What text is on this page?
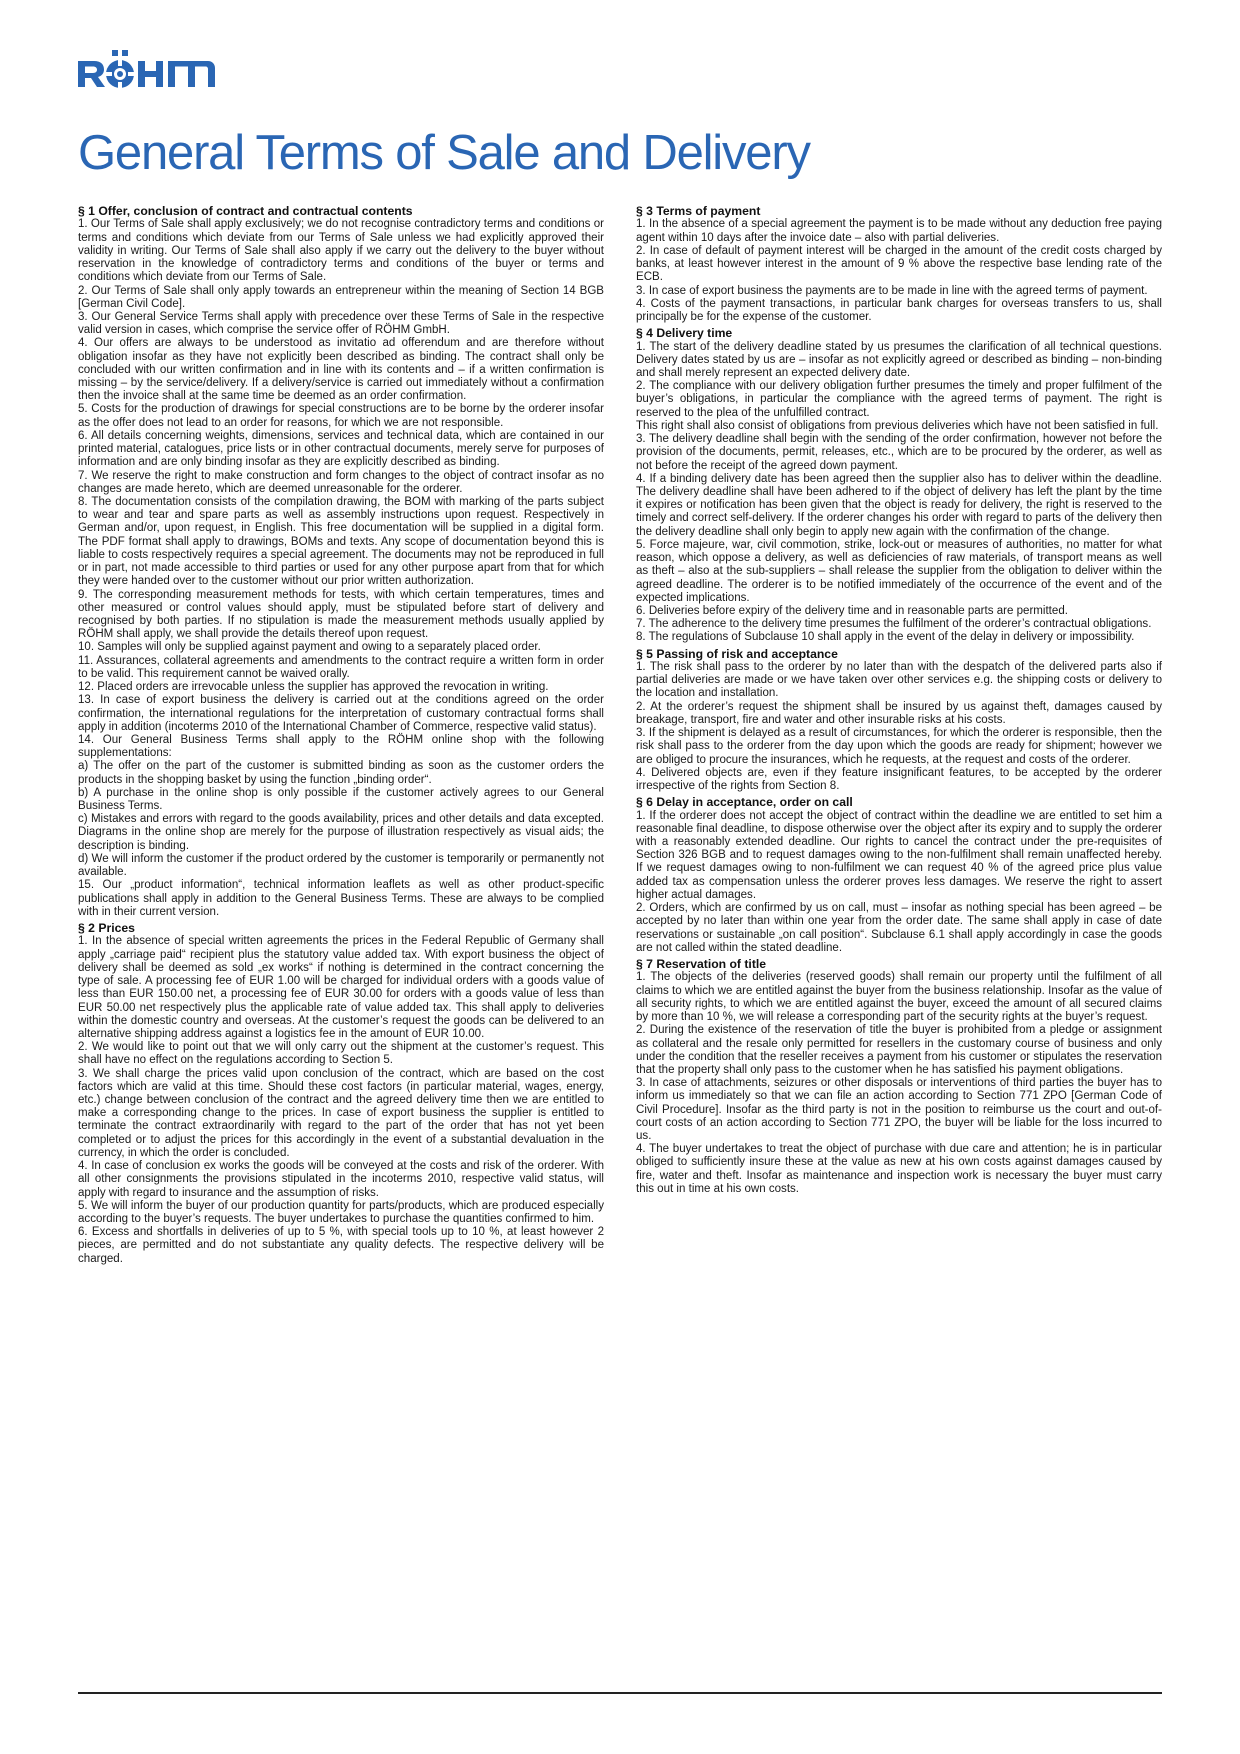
General Terms of Sale and Delivery
§ 1 Offer, conclusion of contract and contractual contents

1. Our Terms of Sale shall apply exclusively; we do not recognise contradictory terms and conditions or terms and conditions which deviate from our Terms of Sale unless we had explicitly approved their validity in writing. Our Terms of Sale shall also apply if we carry out the delivery to the buyer without reservation in the knowledge of contradictory terms and conditions of the buyer or terms and conditions which deviate from our Terms of Sale.

2. Our Terms of Sale shall only apply towards an entrepreneur within the meaning of Section 14 BGB [German Civil Code].

3. Our General Service Terms shall apply with precedence over these Terms of Sale in the respective valid version in cases, which comprise the service offer of RÖHM GmbH.

4. Our offers are always to be understood as invitatio ad offerendum and are therefore without obligation insofar as they have not explicitly been described as binding. The contract shall only be concluded with our written confirmation and in line with its contents and – if a written confirmation is missing – by the service/delivery. If a delivery/service is carried out immediately without a confirmation then the invoice shall at the same time be deemed as an order confirmation.

5. Costs for the production of drawings for special constructions are to be borne by the orderer insofar as the offer does not lead to an order for reasons, for which we are not responsible.

6. All details concerning weights, dimensions, services and technical data, which are contained in our printed material, catalogues, price lists or in other contractual documents, merely serve for purposes of information and are only binding insofar as they are explicitly described as binding.

7. We reserve the right to make construction and form changes to the object of contract insofar as no changes are made hereto, which are deemed unreasonable for the orderer.

8. The documentation consists of the compilation drawing, the BOM with marking of the parts subject to wear and tear and spare parts as well as assembly instructions upon request. Respectively in German and/or, upon request, in English. This free documentation will be supplied in a digital form. The PDF format shall apply to drawings, BOMs and texts. Any scope of documentation beyond this is liable to costs respectively requires a special agreement. The documents may not be reproduced in full or in part, not made accessible to third parties or used for any other purpose apart from that for which they were handed over to the customer without our prior written authorization.

9. The corresponding measurement methods for tests, with which certain temperatures, times and other measured or control values should apply, must be stipulated before start of delivery and recognised by both parties. If no stipulation is made the measurement methods usually applied by RÖHM shall apply, we shall provide the details thereof upon request.

10. Samples will only be supplied against payment and owing to a separately placed order.

11. Assurances, collateral agreements and amendments to the contract require a written form in order to be valid. This requirement cannot be waived orally.

12. Placed orders are irrevocable unless the supplier has approved the revocation in writing.

13. In case of export business the delivery is carried out at the conditions agreed on the order confirmation, the international regulations for the interpretation of customary contractual forms shall apply in addition (incoterms 2010 of the International Chamber of Commerce, respective valid status).

14. Our General Business Terms shall apply to the RÖHM online shop with the following supplementations:

a) The offer on the part of the customer is submitted binding as soon as the customer orders the products in the shopping basket by using the function „binding order“.

b) A purchase in the online shop is only possible if the customer actively agrees to our General Business Terms.

c) Mistakes and errors with regard to the goods availability, prices and other details and data excepted. Diagrams in the online shop are merely for the purpose of illustration respectively as visual aids; the description is binding.

d) We will inform the customer if the product ordered by the customer is temporarily or permanently not available.

15. Our „product information“, technical information leaflets as well as other product-specific publications shall apply in addition to the General Business Terms. These are always to be complied with in their current version.

§ 2 Prices

1. In the absence of special written agreements the prices in the Federal Republic of Germany shall apply „carriage paid“ recipient plus the statutory value added tax. With export business the object of delivery shall be deemed as sold „ex works“ if nothing is determined in the contract concerning the type of sale. A processing fee of EUR 1.00 will be charged for individual orders with a goods value of less than EUR 150.00 net, a processing fee of EUR 30.00 for orders with a goods value of less than EUR 50.00 net respectively plus the applicable rate of value added tax. This shall apply to deliveries within the domestic country and overseas. At the customer’s request the goods can be delivered to an alternative shipping address against a logistics fee in the amount of EUR 10.00.

2. We would like to point out that we will only carry out the shipment at the customer’s request. This shall have no effect on the regulations according to Section 5.

3. We shall charge the prices valid upon conclusion of the contract, which are based on the cost factors which are valid at this time. Should these cost factors (in particular material, wages, energy, etc.) change between conclusion of the contract and the agreed delivery time then we are entitled to make a corresponding change to the prices. In case of export business the supplier is entitled to terminate the contract extraordinarily with regard to the part of the order that has not yet been completed or to adjust the prices for this accordingly in the event of a substantial devaluation in the currency, in which the order is concluded.

4. In case of conclusion ex works the goods will be conveyed at the costs and risk of the orderer. With all other consignments the provisions stipulated in the incoterms 2010, respective valid status, will apply with regard to insurance and the assumption of risks.

5. We will inform the buyer of our production quantity for parts/products, which are produced especially according to the buyer’s requests. The buyer undertakes to purchase the quantities confirmed to him.

6. Excess and shortfalls in deliveries of up to 5 %, with special tools up to 10 %, at least however 2 pieces, are permitted and do not substantiate any quality defects. The respective delivery will be charged.

§ 3 Terms of payment

1. In the absence of a special agreement the payment is to be made without any deduction free paying agent within 10 days after the invoice date – also with partial deliveries.

2. In case of default of payment interest will be charged in the amount of the credit costs charged by banks, at least however interest in the amount of 9 % above the respective base lending rate of the ECB.

3. In case of export business the payments are to be made in line with the agreed terms of payment.

4. Costs of the payment transactions, in particular bank charges for overseas transfers to us, shall principally be for the expense of the customer.

§ 4 Delivery time

1. The start of the delivery deadline stated by us presumes the clarification of all technical questions. Delivery dates stated by us are – insofar as not explicitly agreed or described as binding – non-binding and shall merely represent an expected delivery date.

2. The compliance with our delivery obligation further presumes the timely and proper fulfilment of the buyer’s obligations, in particular the compliance with the agreed terms of payment. The right is reserved to the plea of the unfulfilled contract.

This right shall also consist of obligations from previous deliveries which have not been satisfied in full.

3. The delivery deadline shall begin with the sending of the order confirmation, however not before the provision of the documents, permit, releases, etc., which are to be procured by the orderer, as well as not before the receipt of the agreed down payment.

4. If a binding delivery date has been agreed then the supplier also has to deliver within the deadline. The delivery deadline shall have been adhered to if the object of delivery has left the plant by the time it expires or notification has been given that the object is ready for delivery, the right is reserved to the timely and correct self-delivery. If the orderer changes his order with regard to parts of the delivery then the delivery deadline shall only begin to apply new again with the confirmation of the change.

5. Force majeure, war, civil commotion, strike, lock-out or measures of authorities, no matter for what reason, which oppose a delivery, as well as deficiencies of raw materials, of transport means as well as theft – also at the sub-suppliers – shall release the supplier from the obligation to deliver within the agreed deadline. The orderer is to be notified immediately of the occurrence of the event and of the expected implications.

6. Deliveries before expiry of the delivery time and in reasonable parts are permitted.

7. The adherence to the delivery time presumes the fulfilment of the orderer’s contractual obligations.

8. The regulations of Subclause 10 shall apply in the event of the delay in delivery or impossibility.

§ 5 Passing of risk and acceptance

1. The risk shall pass to the orderer by no later than with the despatch of the delivered parts also if partial deliveries are made or we have taken over other services e.g. the shipping costs or delivery to the location and installation.

2. At the orderer’s request the shipment shall be insured by us against theft, damages caused by breakage, transport, fire and water and other insurable risks at his costs.

3. If the shipment is delayed as a result of circumstances, for which the orderer is responsible, then the risk shall pass to the orderer from the day upon which the goods are ready for shipment; however we are obliged to procure the insurances, which he requests, at the request and costs of the orderer.

4. Delivered objects are, even if they feature insignificant features, to be accepted by the orderer irrespective of the rights from Section 8.

§ 6 Delay in acceptance, order on call

1. If the orderer does not accept the object of contract within the deadline we are entitled to set him a reasonable final deadline, to dispose otherwise over the object after its expiry and to supply the orderer with a reasonably extended deadline. Our rights to cancel the contract under the pre-requisites of Section 326 BGB and to request damages owing to the non-fulfilment shall remain unaffected hereby. If we request damages owing to non-fulfilment we can request 40 % of the agreed price plus value added tax as compensation unless the orderer proves less damages. We reserve the right to assert higher actual damages.

2. Orders, which are confirmed by us on call, must – insofar as nothing special has been agreed – be accepted by no later than within one year from the order date. The same shall apply in case of date reservations or sustainable „on call position“. Subclause 6.1 shall apply accordingly in case the goods are not called within the stated deadline.

§ 7 Reservation of title

1. The objects of the deliveries (reserved goods) shall remain our property until the fulfilment of all claims to which we are entitled against the buyer from the business relationship. Insofar as the value of all security rights, to which we are entitled against the buyer, exceed the amount of all secured claims by more than 10 %, we will release a corresponding part of the security rights at the buyer’s request.

2. During the existence of the reservation of title the buyer is prohibited from a pledge or assignment as collateral and the resale only permitted for resellers in the customary course of business and only under the condition that the reseller receives a payment from his customer or stipulates the reservation that the property shall only pass to the customer when he has satisfied his payment obligations.

3. In case of attachments, seizures or other disposals or interventions of third parties the buyer has to inform us immediately so that we can file an action according to Section 771 ZPO [German Code of Civil Procedure]. Insofar as the third party is not in the position to reimburse us the court and out-of-court costs of an action according to Section 771 ZPO, the buyer will be liable for the loss incurred to us.

4. The buyer undertakes to treat the object of purchase with due care and attention; he is in particular obliged to sufficiently insure these at the value as new at his own costs against damages caused by fire, water and theft. Insofar as maintenance and inspection work is necessary the buyer must carry this out in time at his own costs.
